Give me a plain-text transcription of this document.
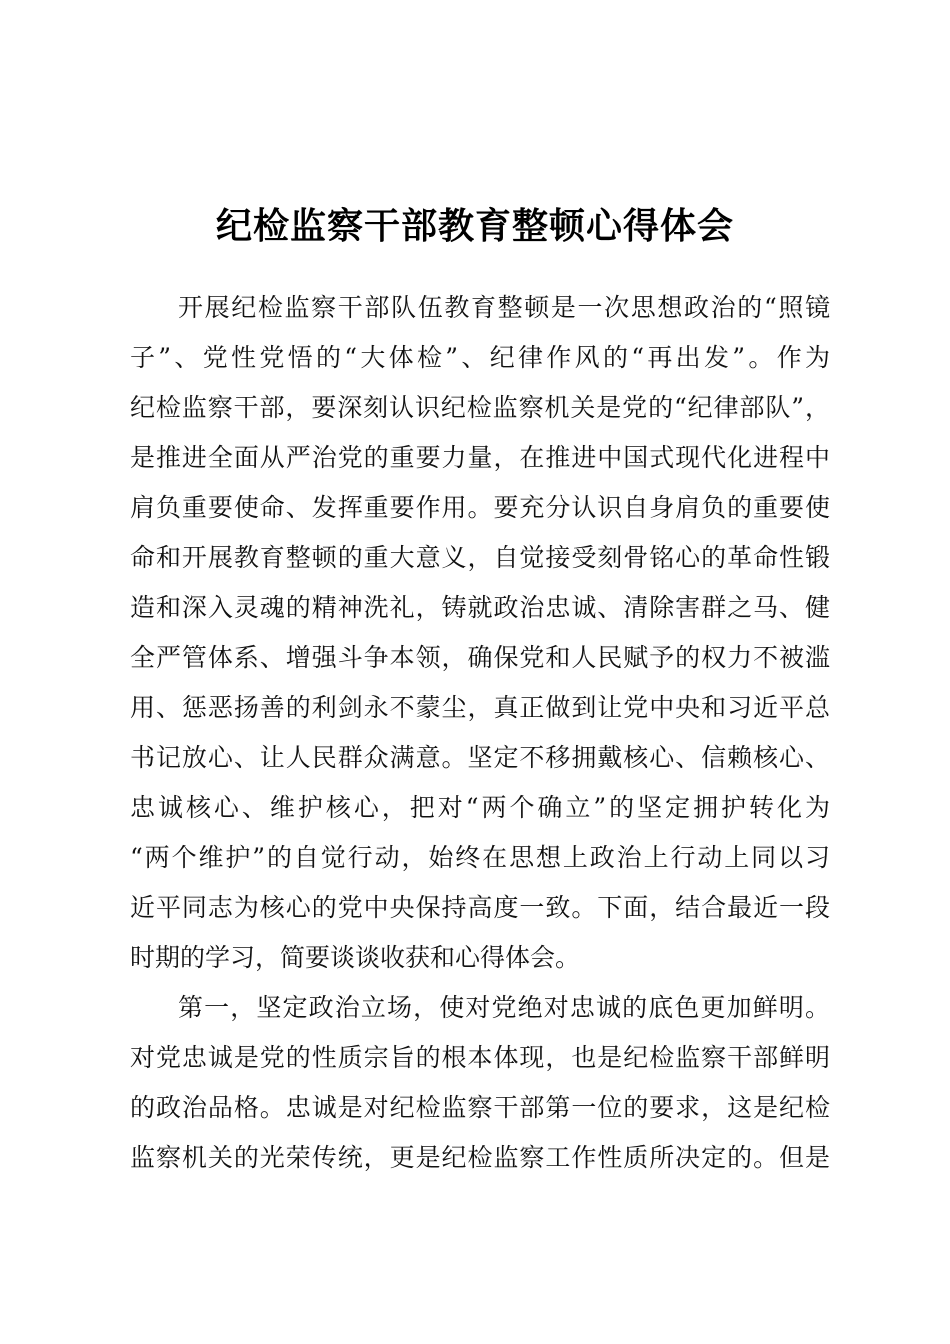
纪检监察干部教育整顿心得体会
开展纪检监察干部队伍教育整顿是一次思想政治的“照镜
子”、党性党悟的“大体检”、纪律作风的“再出发”。作为
纪检监察干部，要深刻认识纪检监察机关是党的“纪律部队”，
是推进全面从严治党的重要力量，在推进中国式现代化进程中
肩负重要使命、发挥重要作用。要充分认识自身肩负的重要使
命和开展教育整顿的重大意义，自觉接受刻骨铭心的革命性锻
造和深入灵魂的精神洗礼，铸就政治忠诚、清除害群之马、健
全严管体系、增强斗争本领，确保党和人民赋予的权力不被滥
用、惩恶扬善的利剑永不蒙尘，真正做到让党中央和习近平总
书记放心、让人民群众满意。坚定不移拥戴核心、信赖核心、
忠诚核心、维护核心，把对“两个确立”的坚定拥护转化为
“两个维护”的自觉行动，始终在思想上政治上行动上同以习
近平同志为核心的党中央保持高度一致。下面，结合最近一段
时期的学习，简要谈谈收获和心得体会。
第一，坚定政治立场，使对党绝对忠诚的底色更加鲜明。
对党忠诚是党的性质宗旨的根本体现，也是纪检监察干部鲜明
的政治品格。忠诚是对纪检监察干部第一位的要求，这是纪检
监察机关的光荣传统，更是纪检监察工作性质所决定的。但是
